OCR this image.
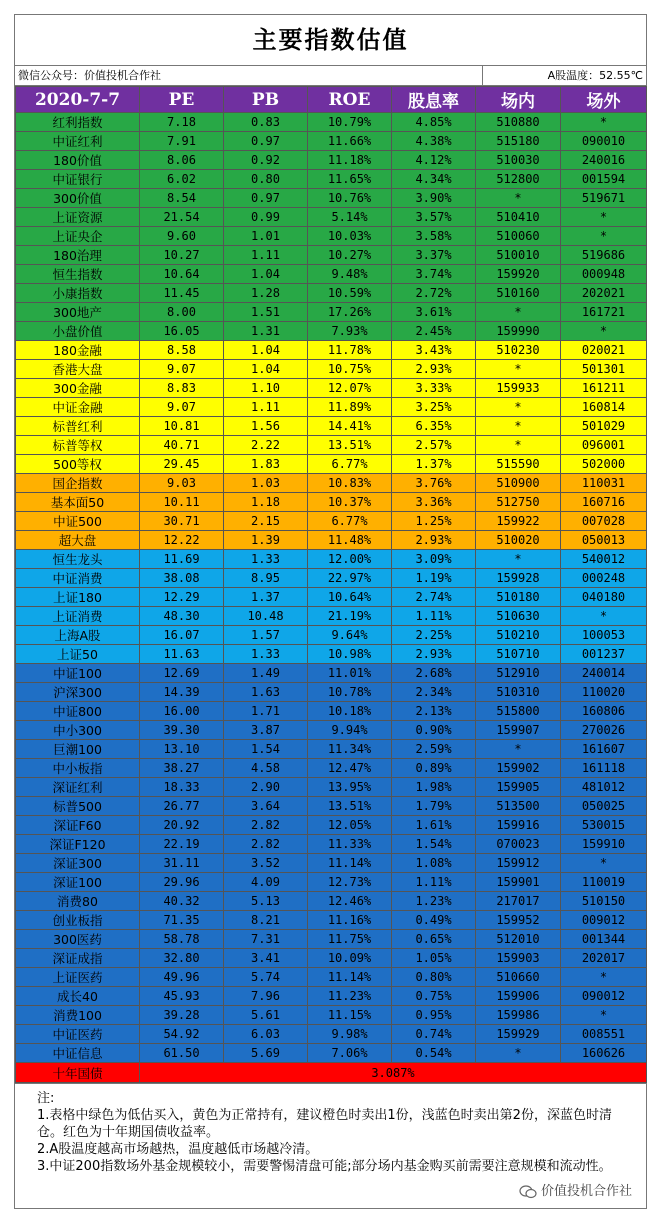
主要指数估值
微信公众号：价值投机合作社	A股温度：52.55℃
2020-7-7	PE	PB	ROE	股息率	场内	场外
红利指数	7.18	0.83	10.79%	4.85%	510880	*
中证红利	7.91	0.97	11.66%	4.38%	515180	090010
180价值	8.06	0.92	11.18%	4.12%	510030	240016
中证银行	6.02	0.80	11.65%	4.34%	512800	001594
300价值	8.54	0.97	10.76%	3.90%	*	519671
上证资源	21.54	0.99	5.14%	3.57%	510410	*
上证央企	9.60	1.01	10.03%	3.58%	510060	*
180治理	10.27	1.11	10.27%	3.37%	510010	519686
恒生指数	10.64	1.04	9.48%	3.74%	159920	000948
小康指数	11.45	1.28	10.59%	2.72%	510160	202021
300地产	8.00	1.51	17.26%	3.61%	*	161721
小盘价值	16.05	1.31	7.93%	2.45%	159990	*
180金融	8.58	1.04	11.78%	3.43%	510230	020021
香港大盘	9.07	1.04	10.75%	2.93%	*	501301
300金融	8.83	1.10	12.07%	3.33%	159933	161211
中证金融	9.07	1.11	11.89%	3.25%	*	160814
标普红利	10.81	1.56	14.41%	6.35%	*	501029
标普等权	40.71	2.22	13.51%	2.57%	*	096001
500等权	29.45	1.83	6.77%	1.37%	515590	502000
国企指数	9.03	1.03	10.83%	3.76%	510900	110031
基本面50	10.11	1.18	10.37%	3.36%	512750	160716
中证500	30.71	2.15	6.77%	1.25%	159922	007028
超大盘	12.22	1.39	11.48%	2.93%	510020	050013
恒生龙头	11.69	1.33	12.00%	3.09%	*	540012
中证消费	38.08	8.95	22.97%	1.19%	159928	000248
上证180	12.29	1.37	10.64%	2.74%	510180	040180
上证消费	48.30	10.48	21.19%	1.11%	510630	*
上海A股	16.07	1.57	9.64%	2.25%	510210	100053
上证50	11.63	1.33	10.98%	2.93%	510710	001237
中证100	12.69	1.49	11.01%	2.68%	512910	240014
沪深300	14.39	1.63	10.78%	2.34%	510310	110020
中证800	16.00	1.71	10.18%	2.13%	515800	160806
中小300	39.30	3.87	9.94%	0.90%	159907	270026
巨潮100	13.10	1.54	11.34%	2.59%	*	161607
中小板指	38.27	4.58	12.47%	0.89%	159902	161118
深证红利	18.33	2.90	13.95%	1.98%	159905	481012
标普500	26.77	3.64	13.51%	1.79%	513500	050025
深证F60	20.92	2.82	12.05%	1.61%	159916	530015
深证F120	22.19	2.82	11.33%	1.54%	070023	159910
深证300	31.11	3.52	11.14%	1.08%	159912	*
深证100	29.96	4.09	12.73%	1.11%	159901	110019
消费80	40.32	5.13	12.46%	1.23%	217017	510150
创业板指	71.35	8.21	11.16%	0.49%	159952	009012
300医药	58.78	7.31	11.75%	0.65%	512010	001344
深证成指	32.80	3.41	10.09%	1.05%	159903	202017
上证医药	49.96	5.74	11.14%	0.80%	510660	*
成长40	45.93	7.96	11.23%	0.75%	159906	090012
消费100	39.28	5.61	11.15%	0.95%	159986	*
中证医药	54.92	6.03	9.98%	0.74%	159929	008551
中证信息	61.50	5.69	7.06%	0.54%	*	160626
十年国债	3.087%					

注:

1.表格中绿色为低估买入，黄色为正常持有，建议橙色时卖出1份，浅蓝色时卖出第2份，深蓝色时清仓。红色为十年期国债收益率。

2.A股温度越高市场越热，温度越低市场越冷清。

3.中证200指数场外基金规模较小，需要警惕清盘可能;部分场内基金购买前需要注意规模和流动性。

价值投机合作社
